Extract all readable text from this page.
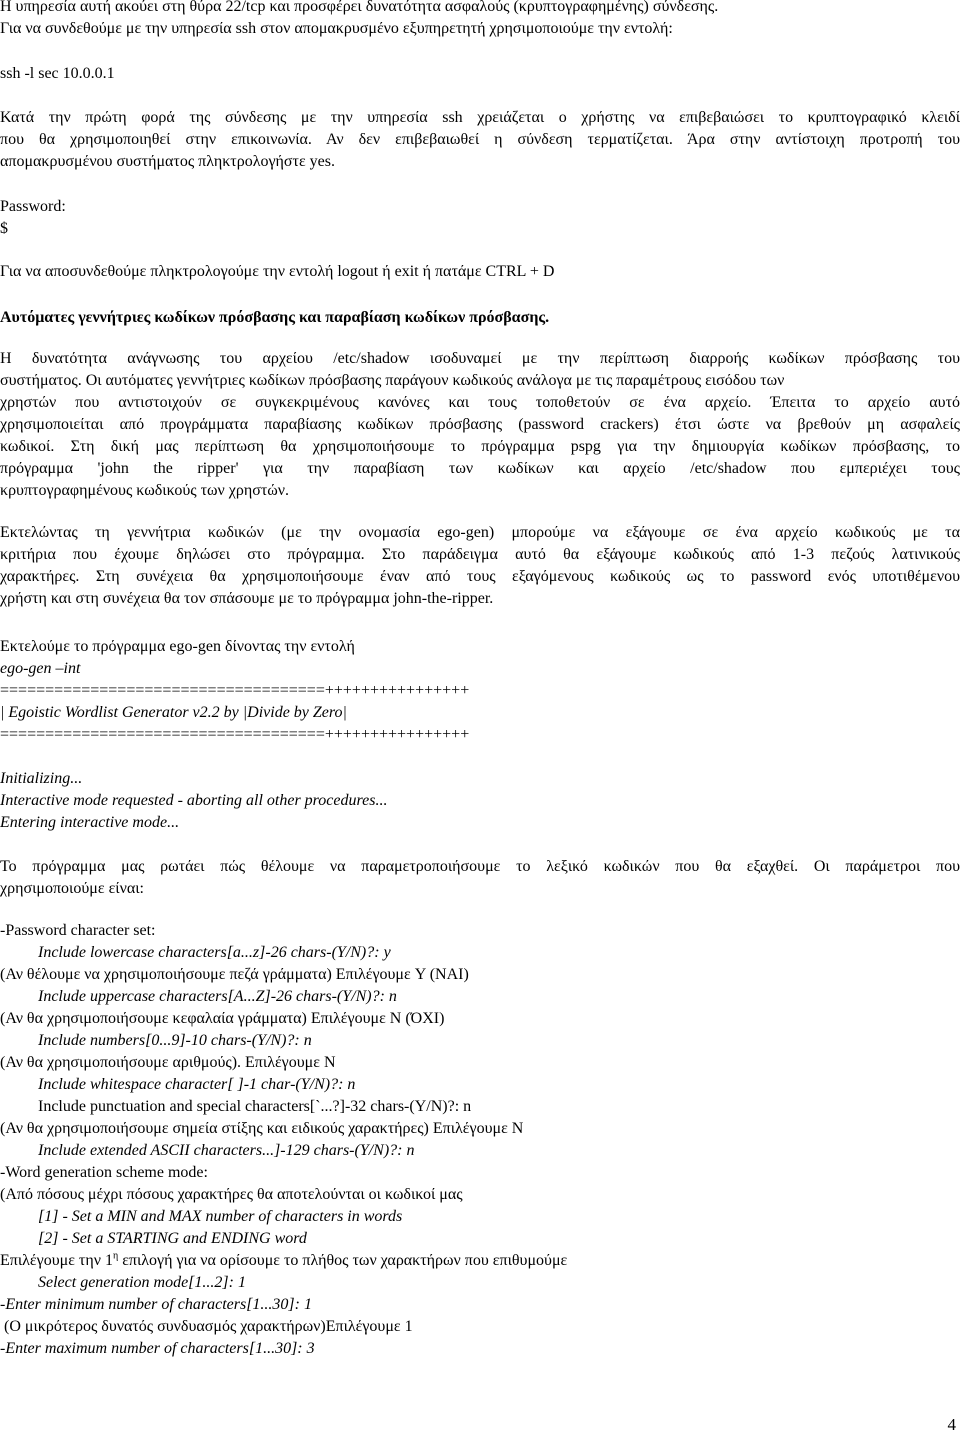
Η υπηρεσία αυτή ακούει στη θύρα 22/tcp και προσφέρει δυνατότητα ασφαλούς (κρυπτογραφημένης) σύνδεσης.
Για να συνδεθούμε με την υπηρεσία ssh στον απομακρυσμένο εξυπηρετητή χρησιμοποιούμε την εντολή:
ssh -l sec 10.0.0.1
Κατά την πρώτη φορά της σύνδεσης με την υπηρεσία ssh χρειάζεται ο χρήστης να επιβεβαιώσει το κρυπτογραφικό κλειδί
που θα χρησιμοποιηθεί στην επικοινωνία. Αν δεν επιβεβαιωθεί η σύνδεση τερματίζεται. Άρα στην αντίστοιχη προτροπή του
απομακρυσμένου συστήματος πληκτρολογήστε yes.
Password:
$
Για να αποσυνδεθούμε πληκτρολογούμε την εντολή logout ή exit ή πατάμε CTRL + D
Αυτόματες γεννήτριες κωδίκων πρόσβασης και παραβίαση κωδίκων πρόσβασης.
Η δυνατότητα ανάγνωσης του αρχείου /etc/shadow ισοδυναμεί με την περίπτωση διαρροής κωδίκων πρόσβασης του
συστήματος. Οι αυτόματες γεννήτριες κωδίκων πρόσβασης παράγουν κωδικούς ανάλογα με τις παραμέτρους εισόδου των
χρηστών που αντιστοιχούν σε συγκεκριμένους κανόνες και τους τοποθετούν σε ένα αρχείο. Έπειτα το αρχείο αυτό
χρησιμοποιείται από προγράμματα παραβίασης κωδίκων πρόσβασης (password crackers) έτσι ώστε να βρεθούν μη ασφαλείς
κωδικοί. Στη δική μας περίπτωση θα χρησιμοποιήσουμε το πρόγραμμα pspg για την δημιουργία κωδίκων πρόσβασης, το
πρόγραμμα 'john the ripper' για την παραβίαση των κωδίκων και αρχείο /etc/shadow που εμπεριέχει τους
κρυπτογραφημένους κωδικούς των χρηστών.
Εκτελώντας τη γεννήτρια κωδικών (με την ονομασία ego-gen) μπορούμε να εξάγουμε σε ένα αρχείο κωδικούς με τα
κριτήρια που έχουμε δηλώσει στο πρόγραμμα. Στο παράδειγμα αυτό θα εξάγουμε κωδικούς από 1-3 πεζούς λατινικούς
χαρακτήρες. Στη συνέχεια θα χρησιμοποιήσουμε έναν από τους εξαγόμενους κωδικούς ως το password ενός υποτιθέμενου
χρήστη και στη συνέχεια θα τον σπάσουμε με το πρόγραμμα john-the-ripper.
Εκτελούμε το πρόγραμμα ego-gen δίνοντας την εντολή
ego-gen –int
====================================++++++++++++++++
| Egoistic Wordlist Generator v2.2 by |Divide by Zero|
====================================++++++++++++++++
Initializing...
Interactive mode requested - aborting all other procedures...
Entering interactive mode...
Το πρόγραμμα μας ρωτάει πώς θέλουμε να παραμετροποιήσουμε το λεξικό κωδικών που θα εξαχθεί. Οι παράμετροι που
χρησιμοποιούμε είναι:
-Password character set:
Include lowercase characters[a...z]-26 chars-(Y/N)?: y
(Αν θέλουμε να χρησιμοποιήσουμε πεζά γράμματα) Επιλέγουμε Y (ΝΑΙ)
Include uppercase characters[A...Z]-26 chars-(Y/N)?: n
(Αν θα χρησιμοποιήσουμε κεφαλαία γράμματα) Επιλέγουμε N (ΌΧΙ)
Include numbers[0...9]-10 chars-(Y/N)?: n
(Αν θα χρησιμοποιήσουμε αριθμούς). Επιλέγουμε N
Include whitespace character[ ]-1 char-(Y/N)?: n
Include punctuation and special characters[`...?]-32 chars-(Y/N)?: n
(Αν θα χρησιμοποιήσουμε σημεία στίξης και ειδικούς χαρακτήρες) Επιλέγουμε N
Include extended ASCII characters...]-129 chars-(Y/N)?: n
-Word generation scheme mode:
(Από πόσους μέχρι πόσους χαρακτήρες θα αποτελούνται οι κωδικοί μας
[1] - Set a MIN and MAX number of characters in words
[2] - Set a STARTING and ENDING word
Επιλέγουμε την $1^\eta$ επιλογή για να ορίσουμε το πλήθος των χαρακτήρων που επιθυμούμε
Select generation mode[1...2]: 1
-Enter minimum number of characters[1...30]: 1
(Ο μικρότερος δυνατός συνδυασμός χαρακτήρων)Επιλέγουμε 1
-Enter maximum number of characters[1...30]: 3
4
